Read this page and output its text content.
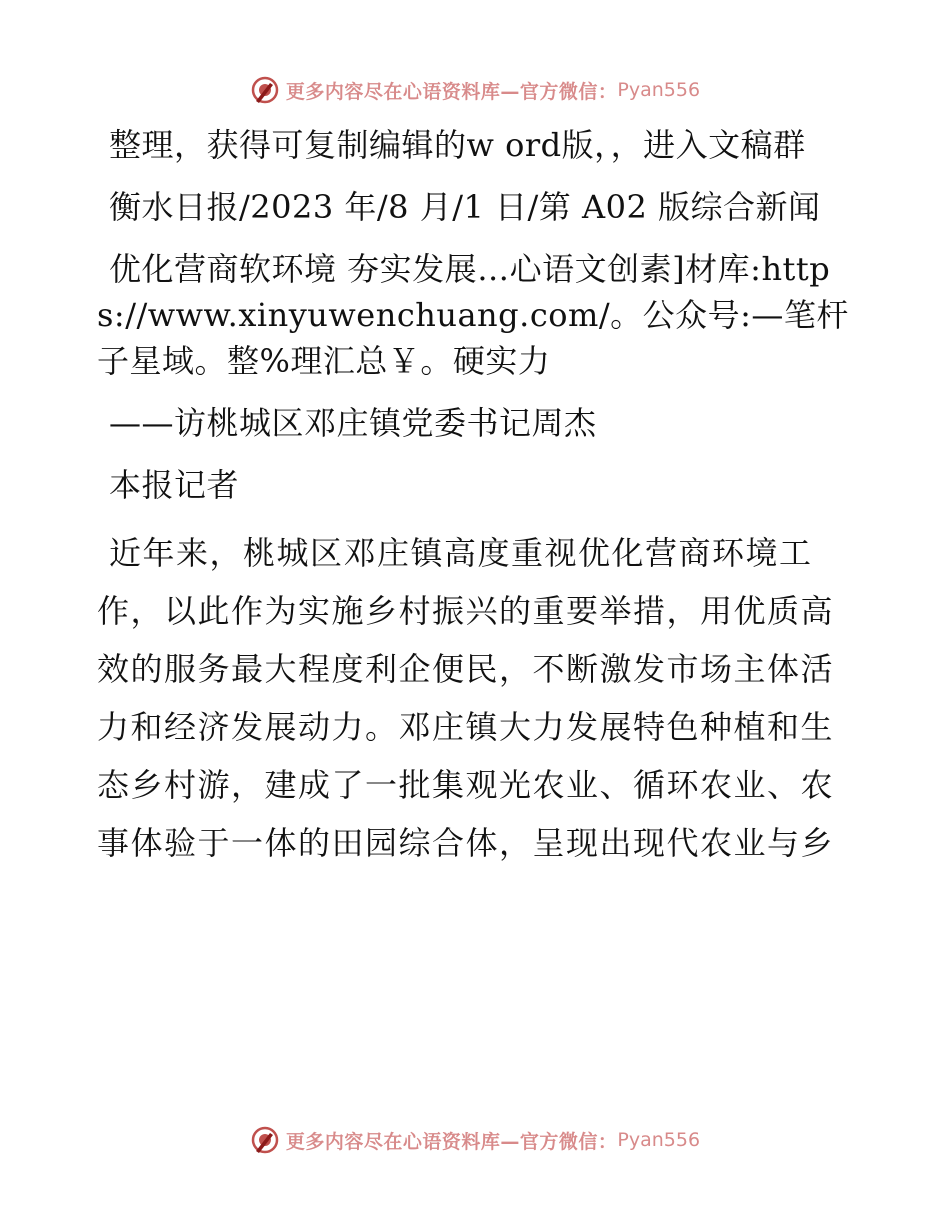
更多内容尽在心语资料库—官方微信： Pyan556

整理，获得可复制编辑的w ord版，，进入文稿群

衡水日报/2023 年/8 月/1 日/第 A02 版综合新闻

优化营商软环境 夯实发展…心语文创素]材库:https://www.xinyuwenchuang.com/。公众号:—笔杆子星域。整%理汇总￥。硬实力

——访桃城区邓庄镇党委书记周杰

本报记者

近年来，桃城区邓庄镇高度重视优化营商环境工作，以此作为实施乡村振兴的重要举措，用优质高效的服务最大程度利企便民，不断激发市场主体活力和经济发展动力。邓庄镇大力发展特色种植和生态乡村游，建成了一批集观光农业、循环农业、农事体验于一体的田园综合体，呈现出现代农业与乡

更多内容尽在心语资料库—官方微信： Pyan556
